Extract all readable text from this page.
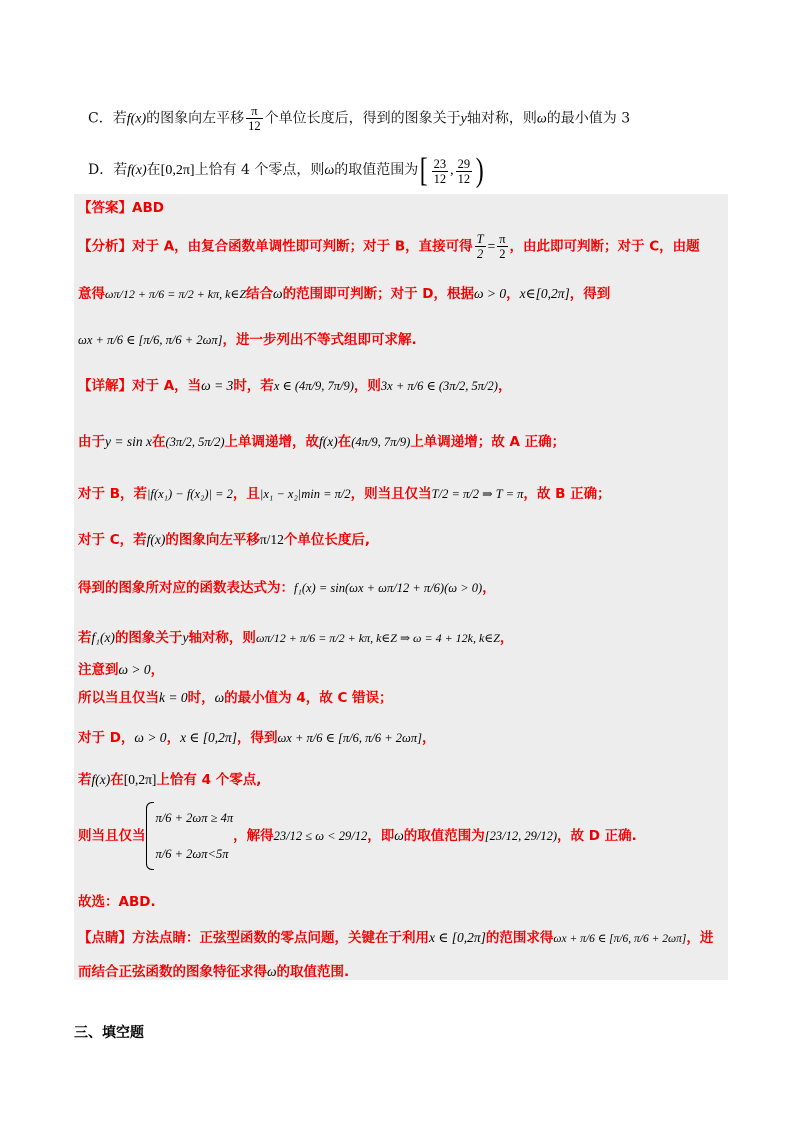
C．若f(x)的图象向左平移 $\frac{\pi}{12}$ 个单位长度后，得到的图象关于y轴对称，则ω的最小值为 3
D．若f(x)在[0,2π]上恰有 4 个零点，则ω的取值范围为[ $\frac{23}{12}$ , $\frac{29}{12}$ )
【答案】ABD
【分析】对于 A，由复合函数单调性即可判断；对于 B，直接可得 $\frac{T}{2} = \frac{\pi}{2}$ ，由此即可判断；对于 C，由题
意得ωπ/12 + π/6 = π/2 + kπ, k∈Z结合ω的范围即可判断；对于 D，根据ω > 0，x∈[0,2π]，得到
ωx + π/6 ∈ [π/6, π/6 + 2ωπ]，进一步列出不等式组即可求解.
【详解】对于 A，当ω = 3时，若x ∈ (4π/9, 7π/9)，则3x + π/6 ∈ (3π/2, 5π/2)，
由于y = sin x在(3π/2, 5π/2)上单调递增，故f(x)在(4π/9, 7π/9)上单调递增；故 A 正确；
对于 B，若|f(x₁) − f(x₂)| = 2，且|x₁ − x₂|min = π/2，则当且仅当T/2 = π/2 ⇒ T = π，故 B 正确；
对于 C，若f(x)的图象向左平移π/12个单位长度后,
得到的图象所对应的函数表达式为：f₁(x) = sin(ωx + ωπ/12 + π/6)(ω > 0)，
若f₁(x)的图象关于y轴对称，则ωπ/12 + π/6 = π/2 + kπ, k∈Z ⇒ ω = 4 + 12k, k∈Z，
注意到ω > 0，
所以当且仅当k = 0时，ω的最小值为 4，故 C 错误；
对于 D，ω > 0，x ∈ [0,2π]，得到ωx + π/6 ∈ [π/6, π/6 + 2ωπ]，
若f(x)在[0,2π]上恰有 4 个零点,
则当且仅当
π/6 + 2ωπ ≥ 4π
π/6 + 2ωπ<5π
，解得23/12 ≤ ω < 29/12，即ω的取值范围为[23/12, 29/12)，故 D 正确.
故选：ABD.
【点睛】方法点睛：正弦型函数的零点问题，关键在于利用x ∈ [0,2π]的范围求得ωx + π/6 ∈ [π/6, π/6 + 2ωπ]，进
而结合正弦函数的图象特征求得ω的取值范围.
三、填空题
